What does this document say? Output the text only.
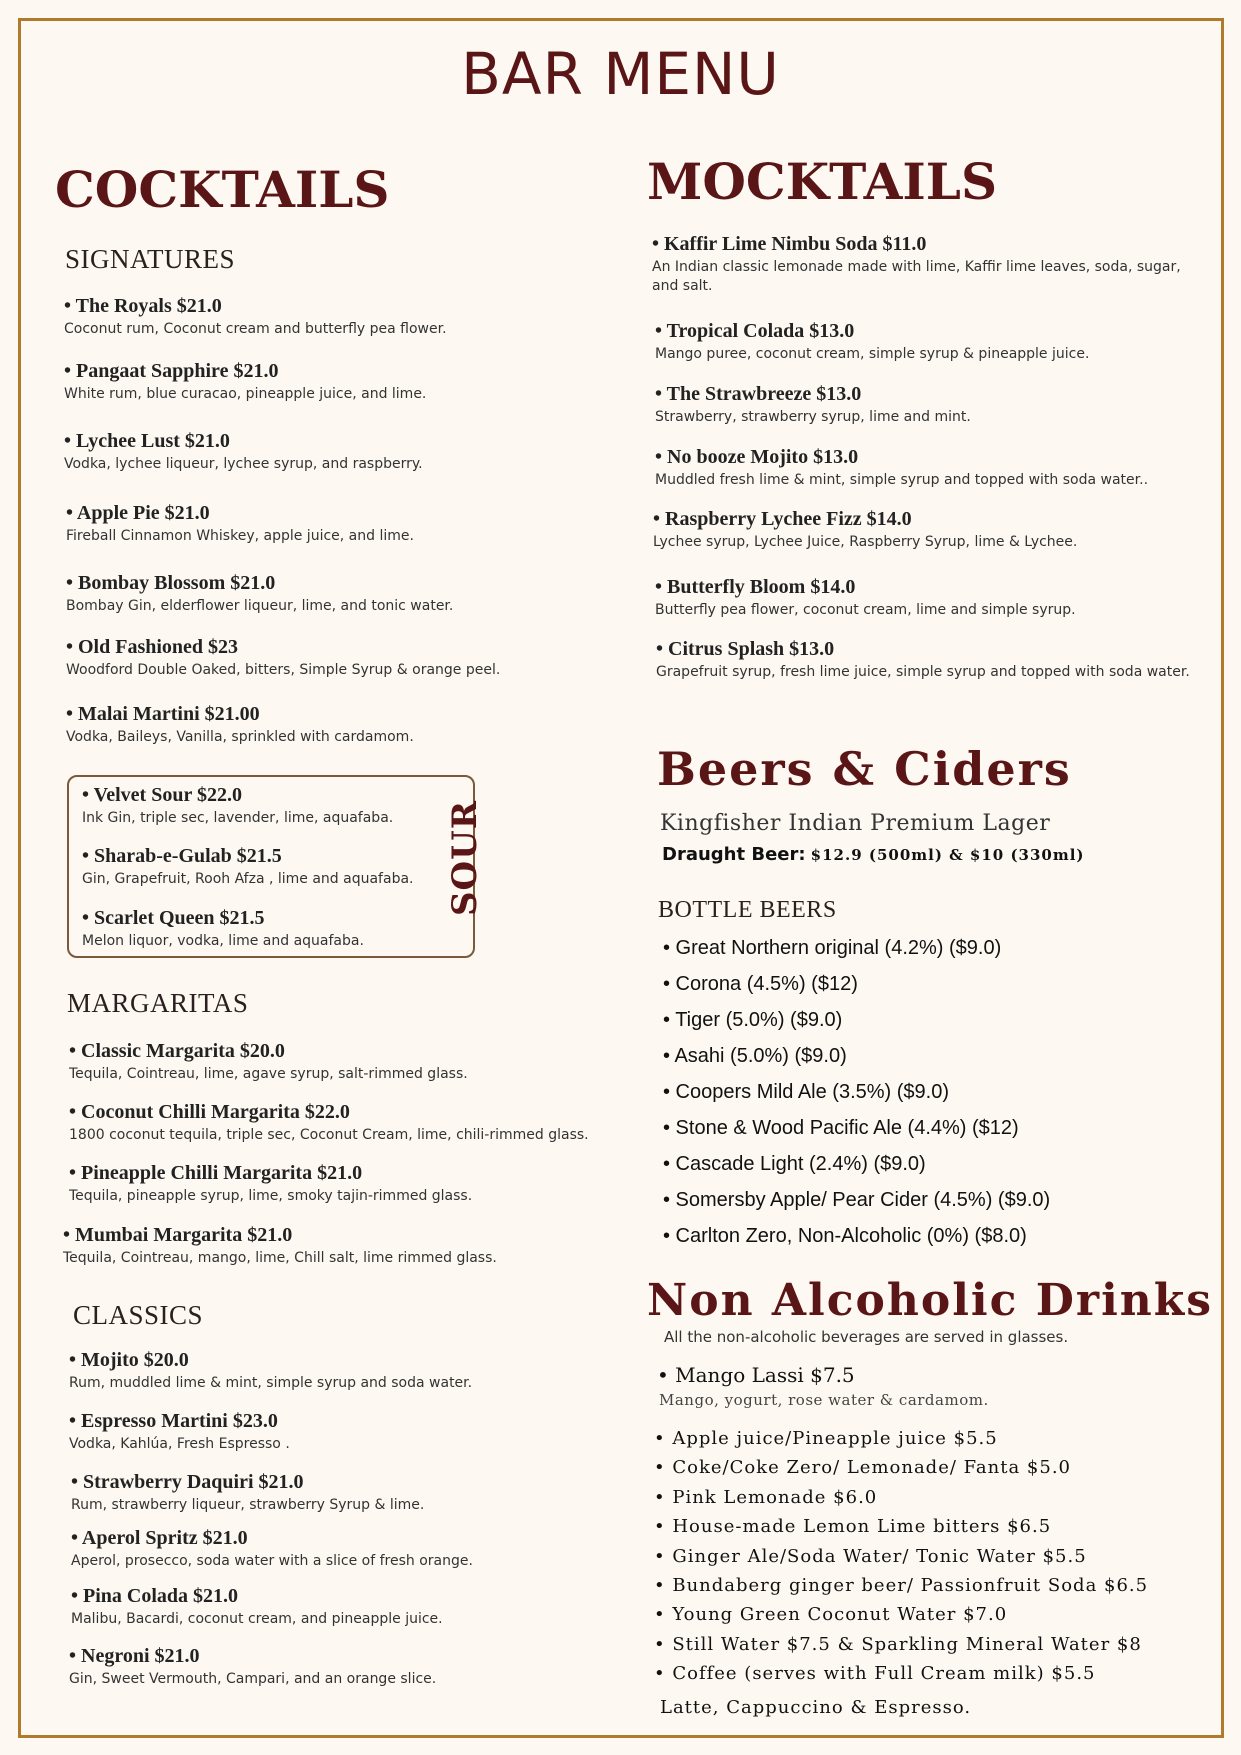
BAR MENU
COCKTAILS
SIGNATURES
• The Royals $21.0
Coconut rum, Coconut cream and butterfly pea flower.
• Pangaat Sapphire $21.0
White rum, blue curacao, pineapple juice, and lime.
• Lychee Lust $21.0
Vodka, lychee liqueur, lychee syrup, and raspberry.
• Apple Pie $21.0
Fireball Cinnamon Whiskey, apple juice, and lime.
• Bombay Blossom $21.0
Bombay Gin, elderflower liqueur, lime, and tonic water.
• Old Fashioned $23
Woodford Double Oaked, bitters, Simple Syrup & orange peel.
• Malai Martini $21.00
Vodka, Baileys, Vanilla, sprinkled with cardamom.
SOUR
• Velvet Sour $22.0
Ink Gin, triple sec, lavender, lime, aquafaba.
• Sharab-e-Gulab $21.5
Gin, Grapefruit, Rooh Afza , lime and aquafaba.
• Scarlet Queen $21.5
Melon liquor, vodka, lime and aquafaba.
MARGARITAS
• Classic Margarita $20.0
Tequila, Cointreau, lime, agave syrup, salt-rimmed glass.
• Coconut Chilli Margarita $22.0
1800 coconut tequila, triple sec, Coconut Cream, lime, chili-rimmed glass.
• Pineapple Chilli Margarita $21.0
Tequila, pineapple syrup, lime, smoky tajin-rimmed glass.
• Mumbai Margarita $21.0
Tequila, Cointreau, mango, lime, Chill salt, lime rimmed glass.
CLASSICS
• Mojito $20.0
Rum, muddled lime & mint, simple syrup and soda water.
• Espresso Martini $23.0
Vodka, Kahlúa, Fresh Espresso .
• Strawberry Daquiri $21.0
Rum, strawberry liqueur, strawberry Syrup & lime.
• Aperol Spritz $21.0
Aperol, prosecco, soda water with a slice of fresh orange.
• Pina Colada $21.0
Malibu, Bacardi, coconut cream, and pineapple juice.
• Negroni $21.0
Gin, Sweet Vermouth, Campari, and an orange slice.
MOCKTAILS
• Kaffir Lime Nimbu Soda $11.0
An Indian classic lemonade made with lime, Kaffir lime leaves, soda, sugar, and salt.
• Tropical Colada $13.0
Mango puree, coconut cream, simple syrup & pineapple juice.
• The Strawbreeze $13.0
Strawberry, strawberry syrup, lime and mint.
• No booze Mojito $13.0
Muddled fresh lime & mint, simple syrup and topped with soda water..
• Raspberry Lychee Fizz $14.0
Lychee syrup, Lychee Juice, Raspberry Syrup, lime & Lychee.
• Butterfly Bloom $14.0
Butterfly pea flower, coconut cream, lime and simple syrup.
• Citrus Splash $13.0
Grapefruit syrup, fresh lime juice, simple syrup and topped with soda water.
Beers & Ciders
Kingfisher Indian Premium Lager
Draught Beer: $12.9 (500ml) & $10 (330ml)
BOTTLE BEERS
• Great Northern original (4.2%) ($9.0)
• Corona (4.5%) ($12)
• Tiger (5.0%) ($9.0)
• Asahi (5.0%) ($9.0)
• Coopers Mild Ale (3.5%) ($9.0)
• Stone & Wood Pacific Ale (4.4%) ($12)
• Cascade Light (2.4%) ($9.0)
• Somersby Apple/ Pear Cider (4.5%) ($9.0)
• Carlton Zero, Non-Alcoholic (0%) ($8.0)
Non Alcoholic Drinks
All the non-alcoholic beverages are served in glasses.
• Mango Lassi $7.5
Mango, yogurt, rose water & cardamom.
• Apple juice/Pineapple juice $5.5
• Coke/Coke Zero/ Lemonade/ Fanta $5.0
• Pink Lemonade $6.0
• House-made Lemon Lime bitters $6.5
• Ginger Ale/Soda Water/ Tonic Water $5.5
• Bundaberg ginger beer/ Passionfruit Soda $6.5
• Young Green Coconut Water $7.0
• Still Water $7.5 & Sparkling Mineral Water $8
• Coffee (serves with Full Cream milk) $5.5
Latte, Cappuccino & Espresso.
